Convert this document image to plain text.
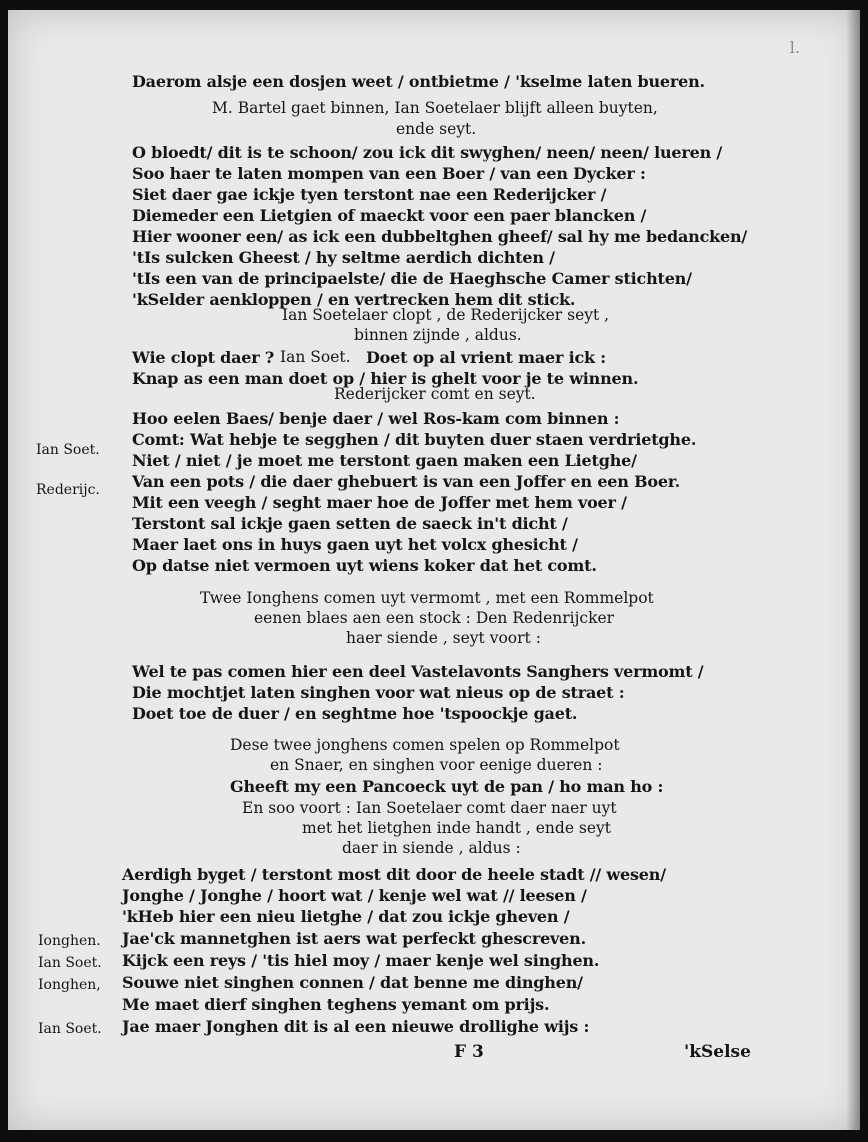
l.

Daerom alsje een dosjen weet / ontbietme / 'kselme laten bueren.

M. Bartel gaet binnen, Ian Soetelaer blijft alleen buyten,

ende seyt.

O bloedt/ dit is te schoon/ zou ick dit swyghen/ neen/ neen/ lueren /

Soo haer te laten mompen van een Boer / van een Dycker :

Siet daer gae ickje tyen terstont nae een Rederijcker /

Diemeder een Lietgien of maeckt voor een paer blancken /

Hier wooner een/ as ick een dubbeltghen gheef/ sal hy me bedancken/

'tIs sulcken Gheest / hy seltme aerdich dichten /

'tIs een van de principaelste/ die de Haeghsche Camer stichten/

'kSelder aenkloppen / en vertrecken hem dit stick.

Ian Soetelaer clopt , de Rederijcker seyt ,

binnen zijnde , aldus.

Wie clopt daer ? Ian Soet. Doet op al vrient maer ick :

Knap as een man doet op / hier is ghelt voor je te winnen.

Rederijcker comt en seyt.

Ian Soet.

Rederijc.

Hoo eelen Baes/ benje daer / wel Ros-kam com binnen :

Comt: Wat hebje te segghen / dit buyten duer staen verdrietghe.

Niet / niet / je moet me terstont gaen maken een Lietghe/

Van een pots / die daer ghebuert is van een Joffer en een Boer.

Mit een veegh / seght maer hoe de Joffer met hem voer /

Terstont sal ickje gaen setten de saeck in't dicht /

Maer laet ons in huys gaen uyt het volcx ghesicht /

Op datse niet vermoen uyt wiens koker dat het comt.

Twee Ionghens comen uyt vermomt , met een Rommelpot

eenen blaes aen een stock : Den Redenrijcker

haer siende , seyt voort :

Wel te pas comen hier een deel Vastelavonts Sanghers vermomt /

Die mochtjet laten singhen voor wat nieus op de straet :

Doet toe de duer / en seghtme hoe 'tspoockje gaet.

Dese twee jonghens comen spelen op Rommelpot

en Snaer, en singhen voor eenige dueren :

Gheeft my een Pancoeck uyt de pan / ho man ho :

En soo voort : Ian Soetelaer comt daer naer uyt

met het lietghen inde handt , ende seyt

daer in siende , aldus :

Aerdigh byget / terstont most dit door de heele stadt // wesen/

Jonghe / Jonghe / hoort wat / kenje wel wat // leesen /

'kHeb hier een nieu lietghe / dat zou ickje gheven /

Ionghen. Jae'ck mannetghen ist aers wat perfeckt ghescreven.

Ian Soet. Kijck een reys / 'tis hiel moy / maer kenje wel singhen.

Ionghen, Souwe niet singhen connen / dat benne me dinghen/

Me maet dierf singhen teghens yemant om prijs.

Ian Soet. Jae maer Jonghen dit is al een nieuwe drollighe wijs :

F 3	'kSelse
